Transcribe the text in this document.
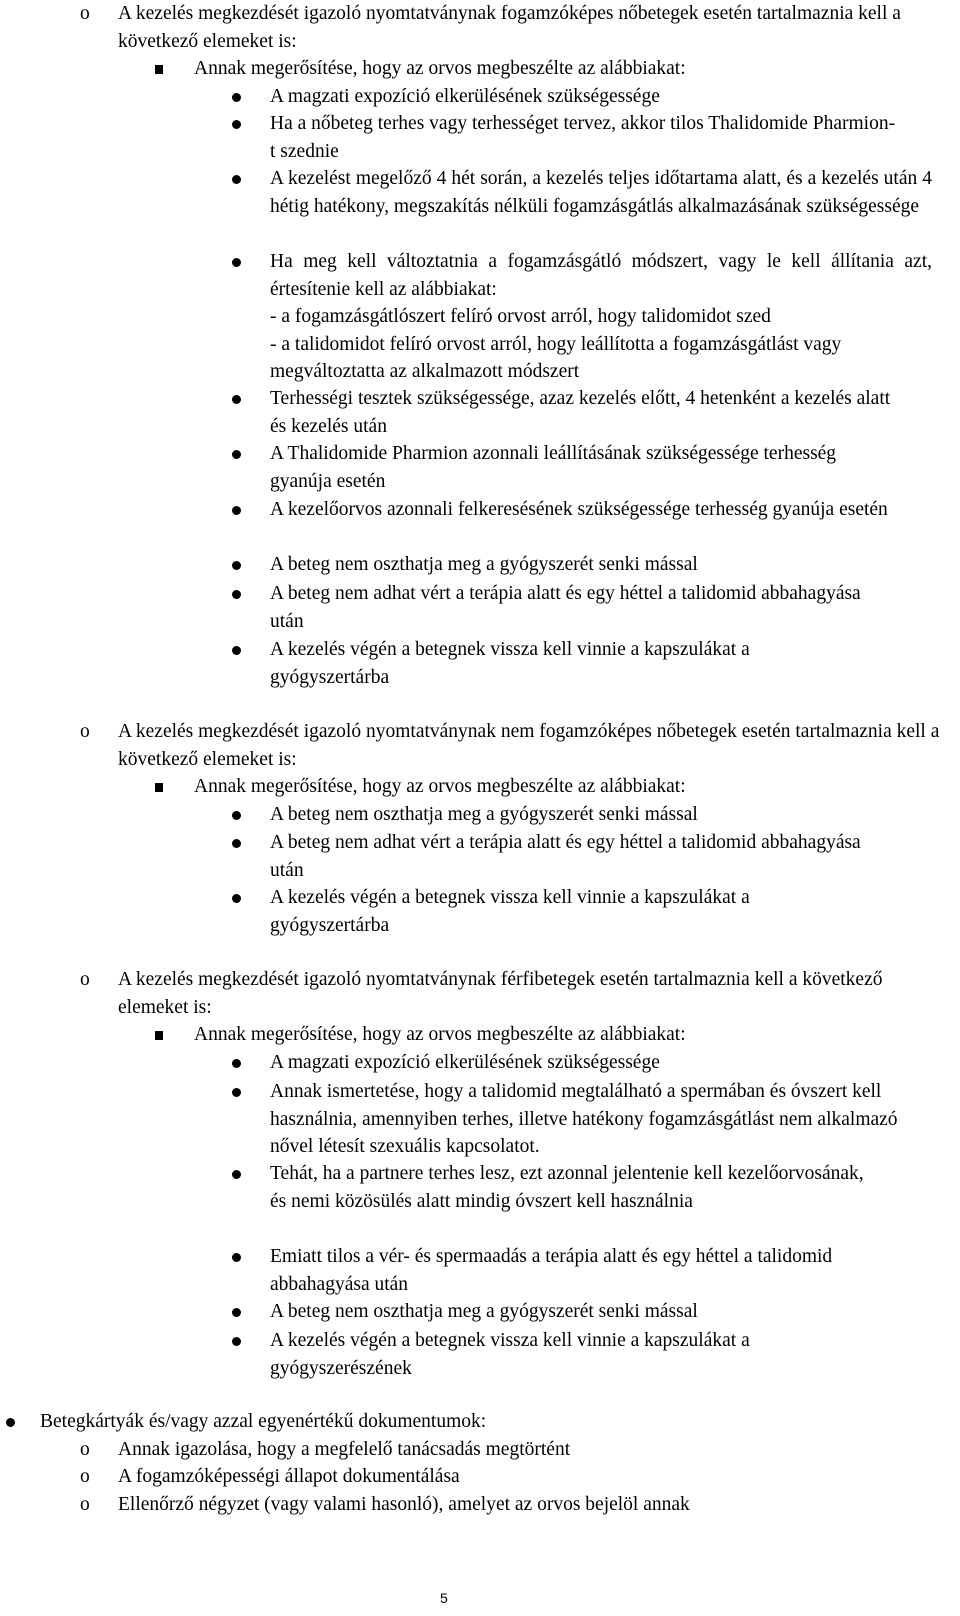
o A kezelés megkezdését igazoló nyomtatványnak fogamzóképes nőbetegek esetén tartalmaznia kell a következő elemeket is:
Annak megerősítése, hogy az orvos megbeszélte az alábbiakat:
A magzati expozíció elkerülésének szükségessége
Ha a nőbeteg terhes vagy terhességet tervez, akkor tilos Thalidomide Pharmion-t szednie
A kezelést megelőző 4 hét során, a kezelés teljes időtartama alatt, és a kezelés után 4 hétig hatékony, megszakítás nélküli fogamzásgátlás alkalmazásának szükségessége
Ha meg kell változtatnia a fogamzásgátló módszert, vagy le kell állítania azt, értesítenie kell az alábbiakat:
- a fogamzásgátlószert felíró orvost arról, hogy talidomidot szed
- a talidomidot felíró orvost arról, hogy leállította a fogamzásgátlást vagy megváltoztatta az alkalmazott módszert
Terhességi tesztek szükségessége, azaz kezelés előtt, 4 hetenként a kezelés alatt és kezelés után
A Thalidomide Pharmion azonnali leállításának szükségessége terhesség gyanúja esetén
A kezelőorvos azonnali felkeresésének szükségessége terhesség gyanúja esetén
A beteg nem oszthatja meg a gyógyszerét senki mással
A beteg nem adhat vért a terápia alatt és egy héttel a talidomid abbahagyása után
A kezelés végén a betegnek vissza kell vinnie a kapszulákat a gyógyszertárba
o A kezelés megkezdését igazoló nyomtatványnak nem fogamzóképes nőbetegek esetén tartalmaznia kell a következő elemeket is:
Annak megerősítése, hogy az orvos megbeszélte az alábbiakat:
A beteg nem oszthatja meg a gyógyszerét senki mással
A beteg nem adhat vért a terápia alatt és egy héttel a talidomid abbahagyása után
A kezelés végén a betegnek vissza kell vinnie a kapszulákat a gyógyszertárba
o A kezelés megkezdését igazoló nyomtatványnak férfibetegek esetén tartalmaznia kell a következő elemeket is:
Annak megerősítése, hogy az orvos megbeszélte az alábbiakat:
A magzati expozíció elkerülésének szükségessége
Annak ismertetése, hogy a talidomid megtalálható a spermában és óvszert kell használnia, amennyiben terhes, illetve hatékony fogamzásgátlást nem alkalmazó nővel létesít szexuális kapcsolatot.
Tehát, ha a partnere terhes lesz, ezt azonnal jelentenie kell kezelőorvosának, és nemi közösülés alatt mindig óvszert kell használnia
Emiatt tilos a vér- és spermaadás a terápia alatt és egy héttel a talidomid abbahagyása után
A beteg nem oszthatja meg a gyógyszerét senki mással
A kezelés végén a betegnek vissza kell vinnie a kapszulákat a gyógyszerészének
Betegkártyák és/vagy azzal egyenértékű dokumentumok:
o Annak igazolása, hogy a megfelelő tanácsadás megtörtént
o A fogamzóképességi állapot dokumentálása
o Ellenőrző négyzet (vagy valami hasonló), amelyet az orvos bejelöl annak
5
